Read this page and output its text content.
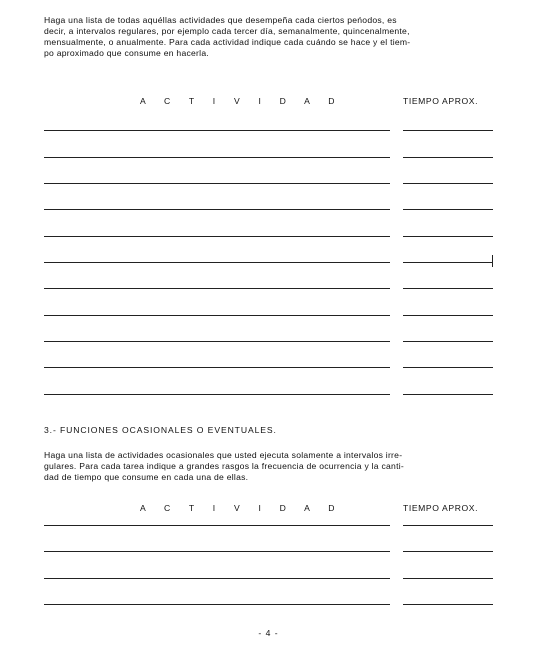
Haga una lista de todas aquéllas actividades que desempeña cada ciertos peńodos, es
decir, a intervalos regulares, por ejemplo cada tercer día, semanalmente, quincenalmente,
mensualmente, o anualmente. Para cada actividad indique cada cuándo se hace y el tiem-
po aproximado que consume en hacerla.

A C T I V I D A D	TIEMPO APROX.
3.- FUNCIONES OCASIONALES O EVENTUALES.

Haga una lista de actividades ocasionales que usted ejecuta solamente a intervalos irre-
gulares. Para cada tarea indique a grandes rasgos la frecuencia de ocurrencia y la canti-
dad de tiempo que consume en cada una de ellas.

A C T I V I D A D	TIEMPO APROX.
- 4 -
